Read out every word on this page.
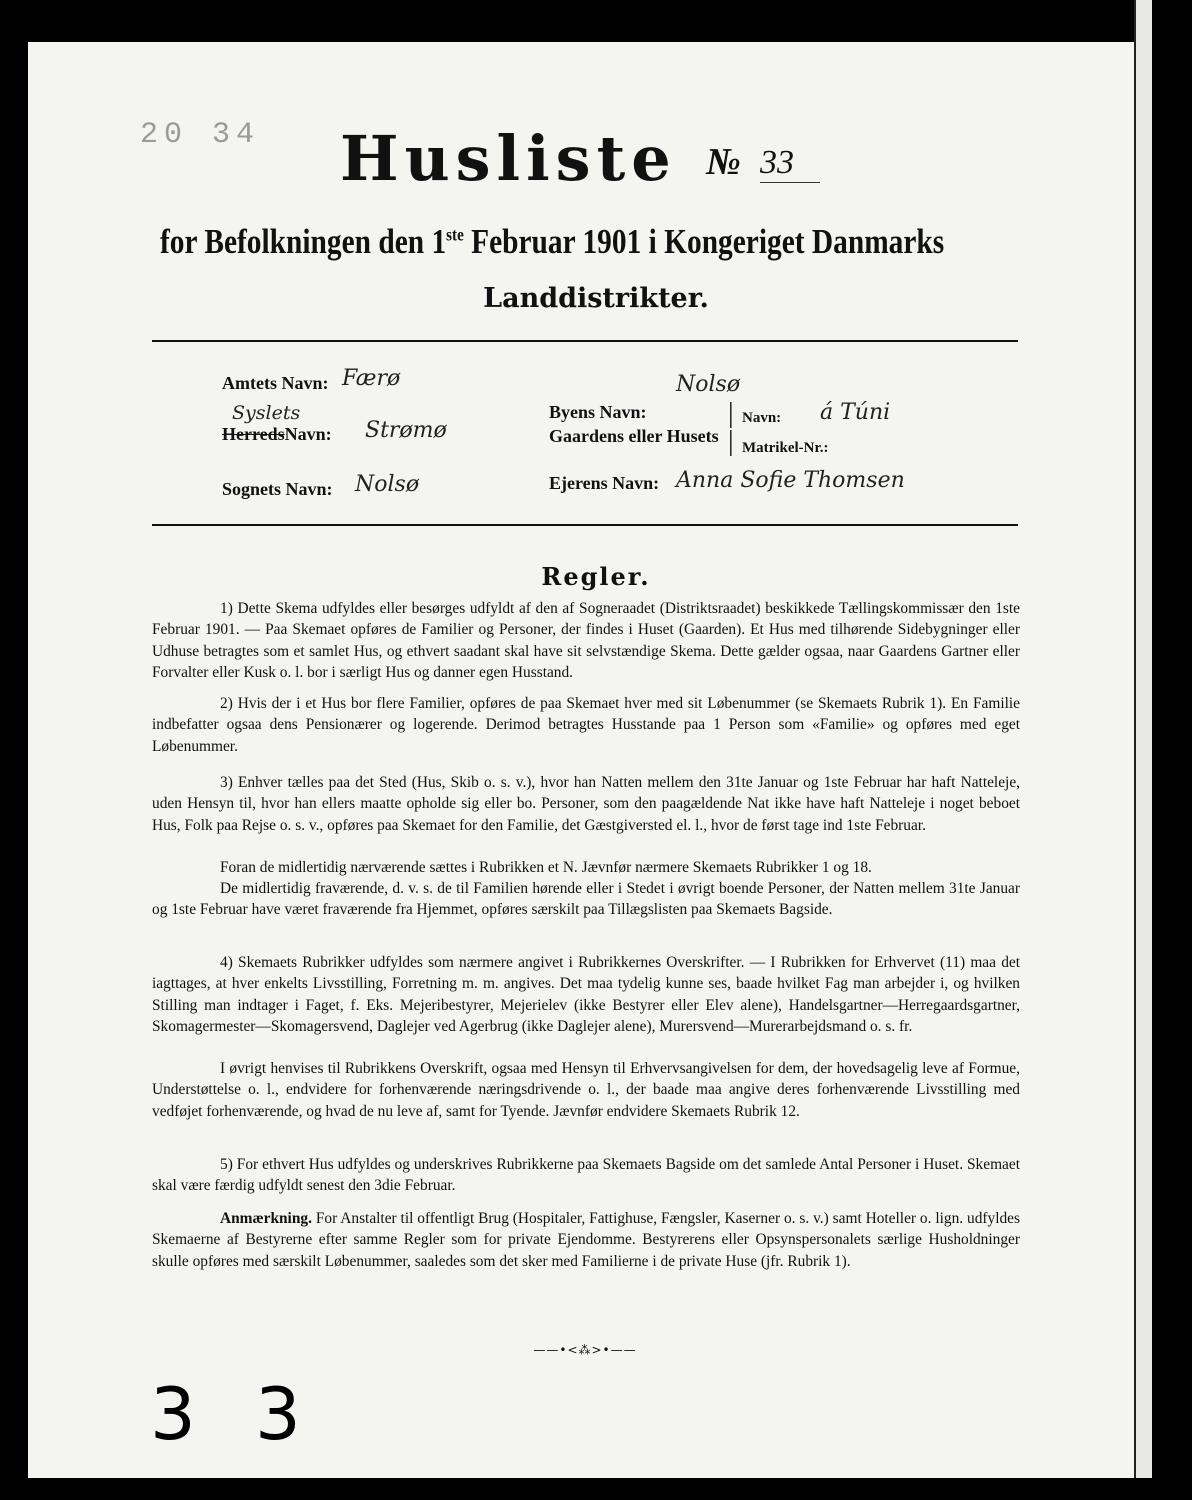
20 34 Husliste № 33
for Befolkningen den 1ste Februar 1901 i Kongeriget Danmarks
Landdistrikter.
Amtets Navn: Færø
Syslets
HerredsNavn: Strømø
Sognets Navn: Nolsø
Byens Navn:
Nolsø
Gaardens eller Husets
|
|
Navn: á Túni
Matrikel-Nr.:
Ejerens Navn: Anna Sofie Thomsen
Regler.
1) Dette Skema udfyldes eller besørges udfyldt af den af Sogneraadet (Distriktsraadet) beskikkede Tællingskommissær den 1ste Februar 1901. — Paa Skemaet opføres de Familier og Personer, der findes i Huset (Gaarden). Et Hus med tilhørende Sidebygninger eller Udhuse betragtes som et samlet Hus, og ethvert saadant skal have sit selvstændige Skema. Dette gælder ogsaa, naar Gaardens Gartner eller Forvalter eller Kusk o. l. bor i særligt Hus og danner egen Husstand.
2) Hvis der i et Hus bor flere Familier, opføres de paa Skemaet hver med sit Løbenummer (se Skemaets Rubrik 1). En Familie indbefatter ogsaa dens Pensionærer og logerende. Derimod betragtes Husstande paa 1 Person som «Familie» og opføres med eget Løbenummer.
3) Enhver tælles paa det Sted (Hus, Skib o. s. v.), hvor han Natten mellem den 31te Januar og 1ste Februar har haft Natteleje, uden Hensyn til, hvor han ellers maatte opholde sig eller bo. Personer, som den paagældende Nat ikke have haft Natteleje i noget beboet Hus, Folk paa Rejse o. s. v., opføres paa Skemaet for den Familie, det Gæstgiversted el. l., hvor de først tage ind 1ste Februar.
Foran de midlertidig nærværende sættes i Rubrikken et N. Jævnfør nærmere Skemaets Rubrikker 1 og 18.
De midlertidig fraværende, d. v. s. de til Familien hørende eller i Stedet i øvrigt boende Personer, der Natten mellem 31te Januar og 1ste Februar have været fraværende fra Hjemmet, opføres særskilt paa Tillægslisten paa Skemaets Bagside.
4) Skemaets Rubrikker udfyldes som nærmere angivet i Rubrikkernes Overskrifter. — I Rubrikken for Erhvervet (11) maa det iagttages, at hver enkelts Livsstilling, Forretning m. m. angives. Det maa tydelig kunne ses, baade hvilket Fag man arbejder i, og hvilken Stilling man indtager i Faget, f. Eks. Mejeribestyrer, Mejerielev (ikke Bestyrer eller Elev alene), Handelsgartner—Herregaardsgartner, Skomagermester—Skomagersvend, Daglejer ved Agerbrug (ikke Daglejer alene), Murersvend—Murerarbejdsmand o. s. fr.
I øvrigt henvises til Rubrikkens Overskrift, ogsaa med Hensyn til Erhvervsangivelsen for dem, der hovedsagelig leve af Formue, Understøttelse o. l., endvidere for forhenværende næringsdrivende o. l., der baade maa angive deres forhenværende Livsstilling med vedføjet forhenværende, og hvad de nu leve af, samt for Tyende. Jævnfør endvidere Skemaets Rubrik 12.
5) For ethvert Hus udfyldes og underskrives Rubrikkerne paa Skemaets Bagside om det samlede Antal Personer i Huset. Skemaet skal være færdig udfyldt senest den 3die Februar.
Anmærkning. For Anstalter til offentligt Brug (Hospitaler, Fattighuse, Fængsler, Kaserner o. s. v.) samt Hoteller o. lign. udfyldes Skemaerne af Bestyrerne efter samme Regler som for private Ejendomme. Bestyrerens eller Opsynspersonalets særlige Husholdninger skulle opføres med særskilt Løbenummer, saaledes som det sker med Familierne i de private Huse (jfr. Rubrik 1).
——•<⁂>•——
3 3
